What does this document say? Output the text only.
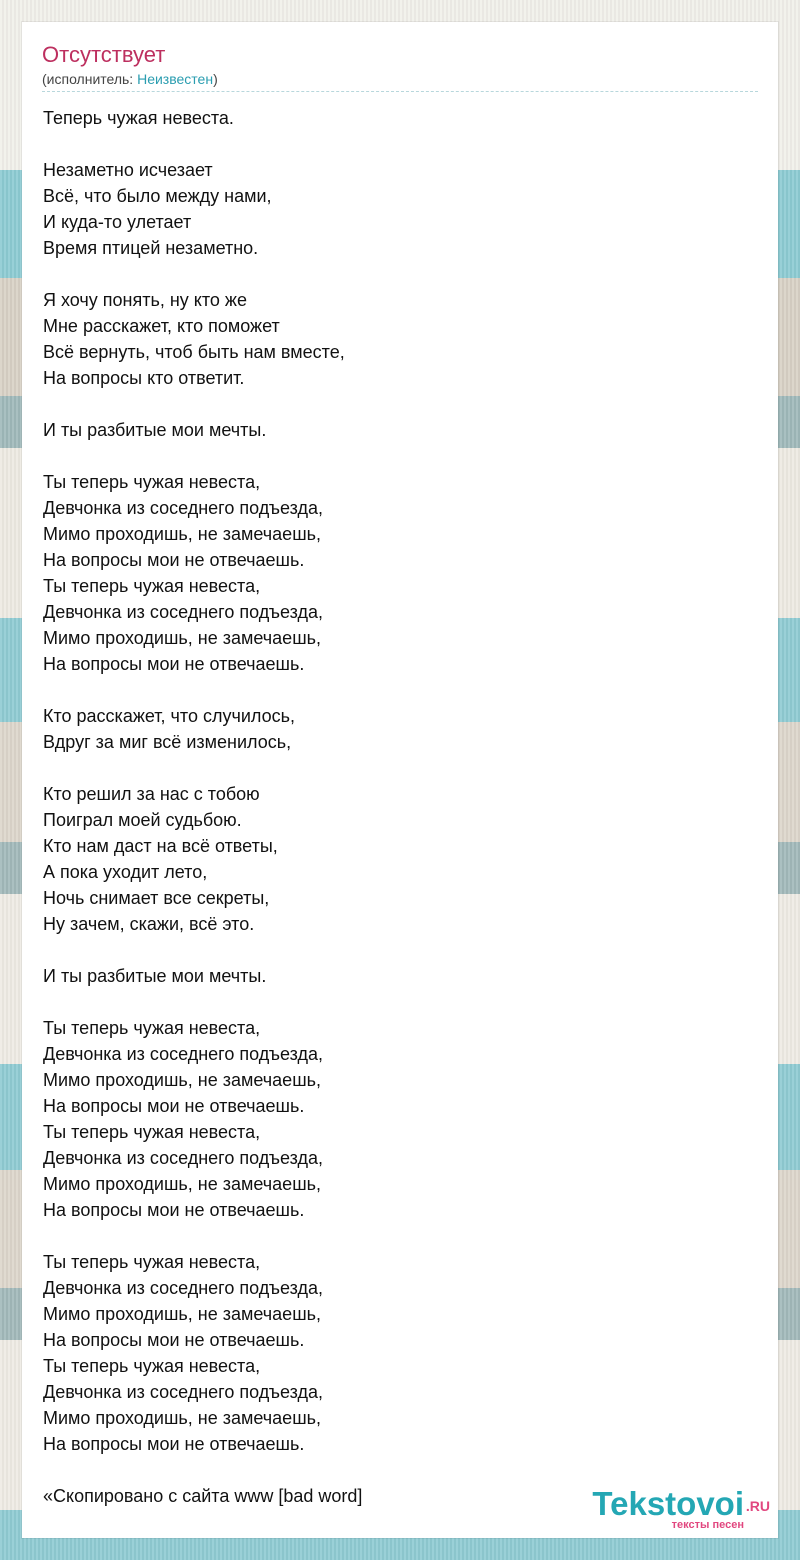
Отсутствует
(исполнитель: Неизвестен)
Теперь чужая невеста.
Незаметно исчезает
Всё, что было между нами,
И куда-то улетает
Время птицей незаметно.
Я хочу понять, ну кто же
Мне расскажет, кто поможет
Всё вернуть, чтоб быть нам вместе,
На вопросы кто ответит.
И ты разбитые мои мечты.
Ты теперь чужая невеста,
Девчонка из соседнего подъезда,
Мимо проходишь, не замечаешь,
На вопросы мои не отвечаешь.
Ты теперь чужая невеста,
Девчонка из соседнего подъезда,
Мимо проходишь, не замечаешь,
На вопросы мои не отвечаешь.
Кто расскажет, что случилось,
Вдруг за миг всё изменилось,
Кто решил за нас с тобою
Поиграл моей судьбою.
Кто нам даст на всё ответы,
А пока уходит лето,
Ночь снимает все секреты,
Ну зачем, скажи, всё это.
И ты разбитые мои мечты.
Ты теперь чужая невеста,
Девчонка из соседнего подъезда,
Мимо проходишь, не замечаешь,
На вопросы мои не отвечаешь.
Ты теперь чужая невеста,
Девчонка из соседнего подъезда,
Мимо проходишь, не замечаешь,
На вопросы мои не отвечаешь.
Ты теперь чужая невеста,
Девчонка из соседнего подъезда,
Мимо проходишь, не замечаешь,
На вопросы мои не отвечаешь.
Ты теперь чужая невеста,
Девчонка из соседнего подъезда,
Мимо проходишь, не замечаешь,
На вопросы мои не отвечаешь.
«Скопировано с сайта www [bad word]	Tekstovoi .RU
тексты песен
